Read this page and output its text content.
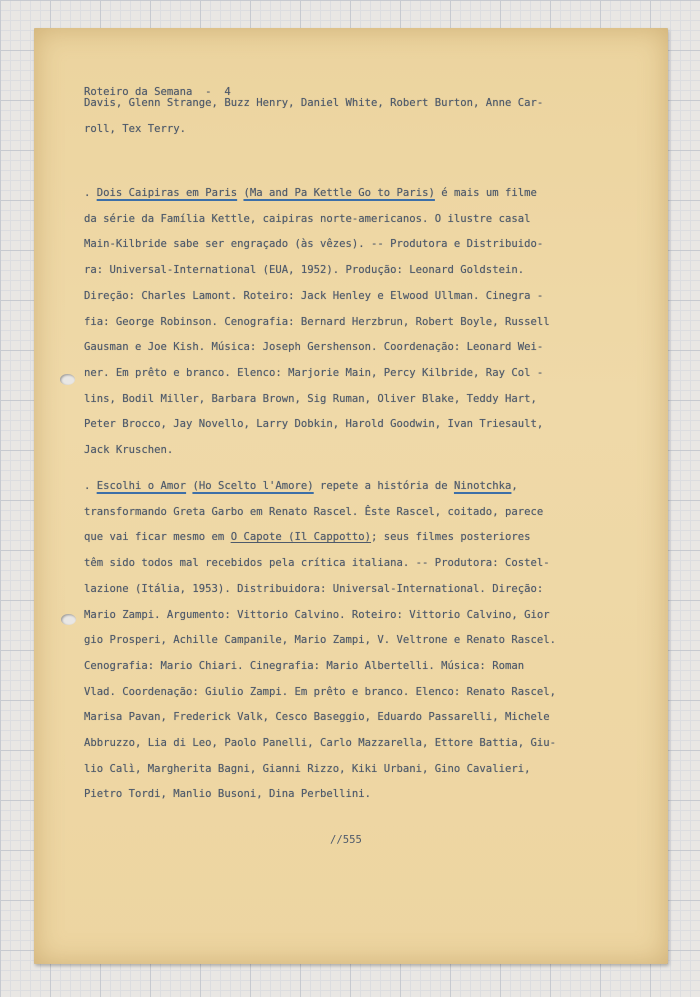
Roteiro da Semana  -  4
Davis, Glenn Strange, Buzz Henry, Daniel White, Robert Burton, Anne Car-
roll, Tex Terry.
. Dois Caipiras em Paris (Ma and Pa Kettle Go to Paris) é mais um filme
da série da Família Kettle, caipiras norte-americanos. O ilustre casal
Main-Kilbride sabe ser engraçado (às vêzes). -- Produtora e Distribuido-
ra: Universal-International (EUA, 1952). Produção: Leonard Goldstein.
Direção: Charles Lamont. Roteiro: Jack Henley e Elwood Ullman. Cinegra -
fia: George Robinson. Cenografia: Bernard Herzbrun, Robert Boyle, Russell
Gausman e Joe Kish. Música: Joseph Gershenson. Coordenação: Leonard Wei-
ner. Em prêto e branco. Elenco: Marjorie Main, Percy Kilbride, Ray Col -
lins, Bodil Miller, Barbara Brown, Sig Ruman, Oliver Blake, Teddy Hart,
Peter Brocco, Jay Novello, Larry Dobkin, Harold Goodwin, Ivan Triesault,
Jack Kruschen.
. Escolhi o Amor (Ho Scelto l'Amore) repete a história de Ninotchka,
transformando Greta Garbo em Renato Rascel. Êste Rascel, coitado, parece
que vai ficar mesmo em O Capote (Il Cappotto); seus filmes posteriores
têm sido todos mal recebidos pela crítica italiana. -- Produtora: Costel-
lazione (Itália, 1953). Distribuidora: Universal-International. Direção:
Mario Zampi. Argumento: Vittorio Calvino. Roteiro: Vittorio Calvino, Gior
gio Prosperi, Achille Campanile, Mario Zampi, V. Veltrone e Renato Rascel.
Cenografia: Mario Chiari. Cinegrafia: Mario Albertelli. Música: Roman
Vlad. Coordenação: Giulio Zampi. Em prêto e branco. Elenco: Renato Rascel,
Marisa Pavan, Frederick Valk, Cesco Baseggio, Eduardo Passarelli, Michele
Abbruzzo, Lia di Leo, Paolo Panelli, Carlo Mazzarella, Ettore Battia, Giu-
lio Calì, Margherita Bagni, Gianni Rizzo, Kiki Urbani, Gino Cavalieri,
Pietro Tordi, Manlio Busoni, Dina Perbellini.
//555
